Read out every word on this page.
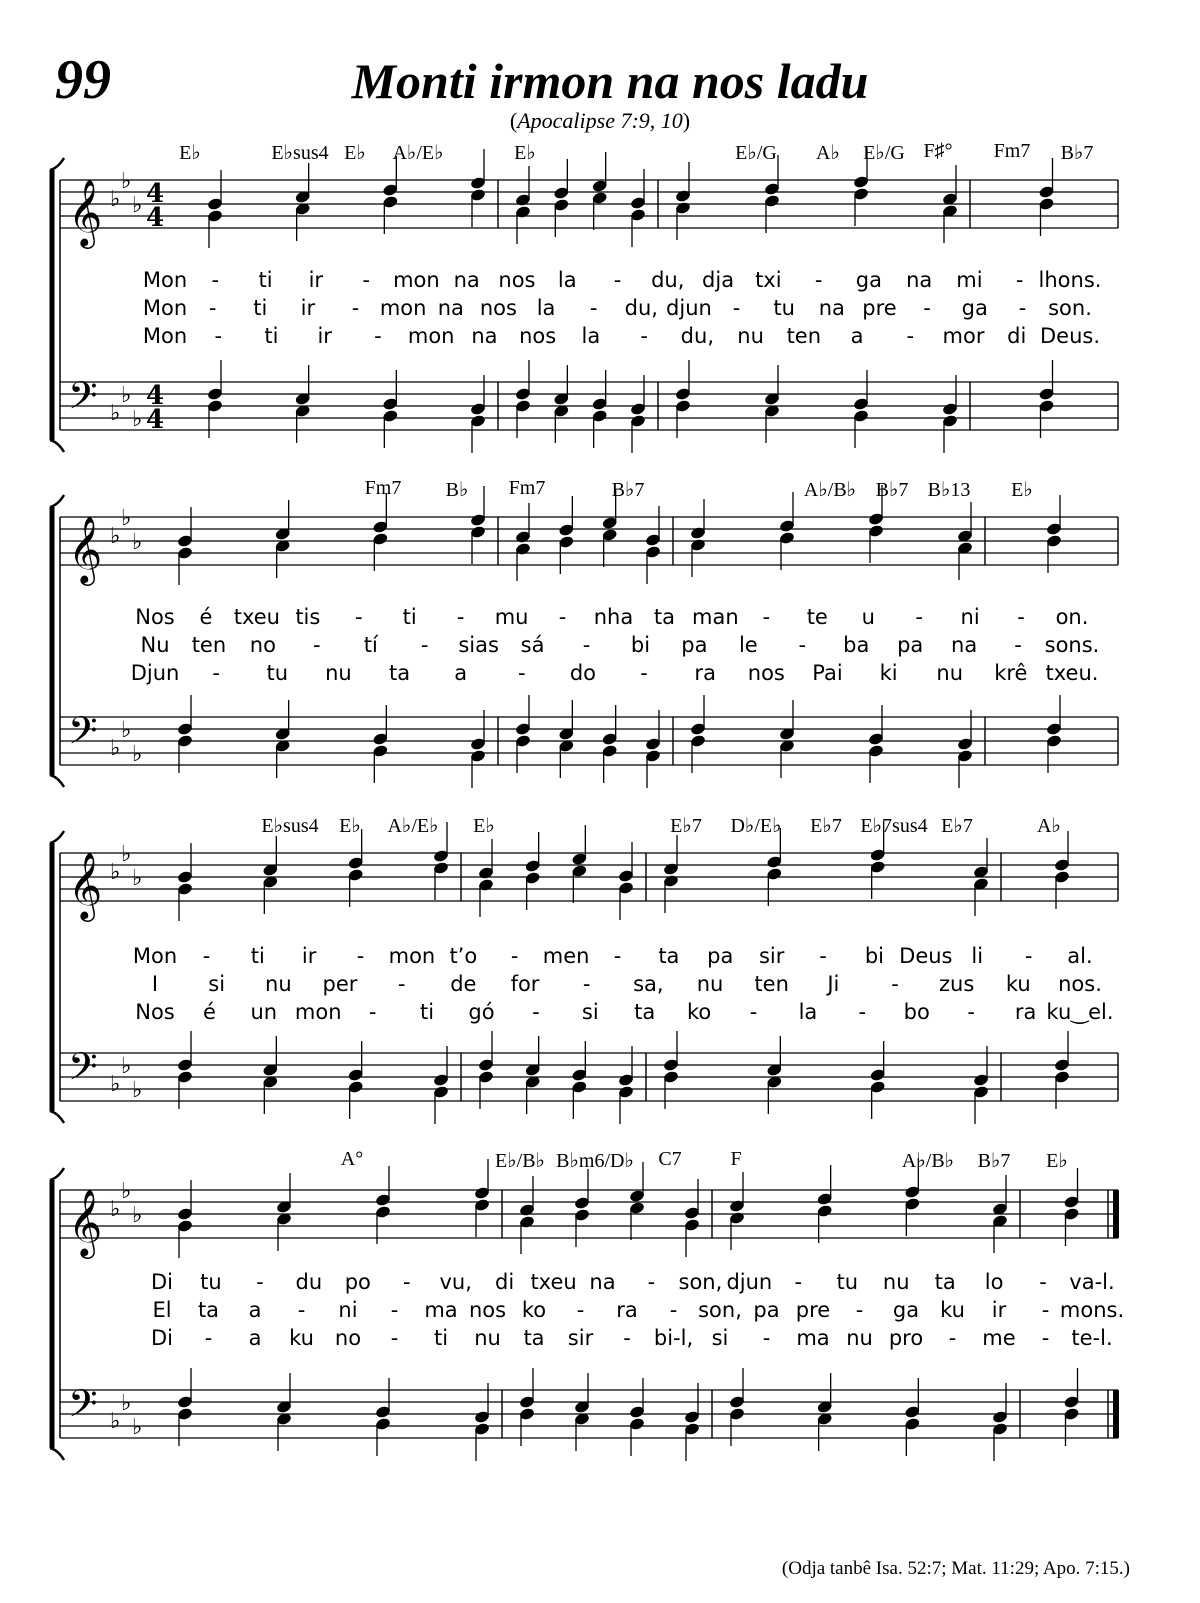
99	Monti irmon na nos ladu
(Apocalipse 7:9, 10)
𝄞
𝄢
♭
♭
♭
♭
♭
♭
4
4
4
4
𝄞
𝄢
♭
♭
♭
♭
♭
♭
𝄞
𝄢
♭
♭
♭
♭
♭
♭
𝄞
𝄢
♭
♭
♭
♭
♭
♭
E♭	E♭sus4 E♭ A♭/E♭	E♭	E♭/G A♭ E♭/G F♯° Fm7 B♭7
Mon - ti ir - mon na nos la - du, dja txi - ga na mi - lhons.
Mon - ti ir - mon na nos la - du, djun - tu na pre - ga - son.
Mon - ti ir - mon na nos la - du, nu ten a - mor di Deus.
Fm7 B♭ Fm7	B♭7	A♭/B♭ B♭7 B♭13 E♭
Nos é txeu tis - ti - mu - nha ta man - te u - ni - on.
Nu ten no - tí - sias sá - bi pa le - ba pa na - sons.
Djun - tu nu ta a - do - ra nos Pai ki nu krê txeu.
E♭sus4 E♭ A♭/E♭ E♭	E♭7 D♭/E♭ E♭7 E♭7sus4 E♭7	A♭
Mon - ti ir - mon t’o - men - ta pa sir - bi Deus li - al.
I si nu per - de for - sa, nu ten Ji - zus ku nos.
Nos é un mon - ti gó - si ta ko - la - bo - ra ku‿el.
A°	E♭/B♭ B♭m6/D♭ C7 F	A♭/B♭ B♭7 E♭
Di tu - du po - vu, di txeu na - son, djun - tu nu ta lo - va-l.
El ta a - ni - ma nos ko - ra - son, pa pre - ga ku ir - mons.
Di - a ku no - ti nu ta sir - bi-l, si - ma nu pro - me - te-l.
(Odja tanbê Isa. 52:7; Mat. 11:29; Apo. 7:15.)
